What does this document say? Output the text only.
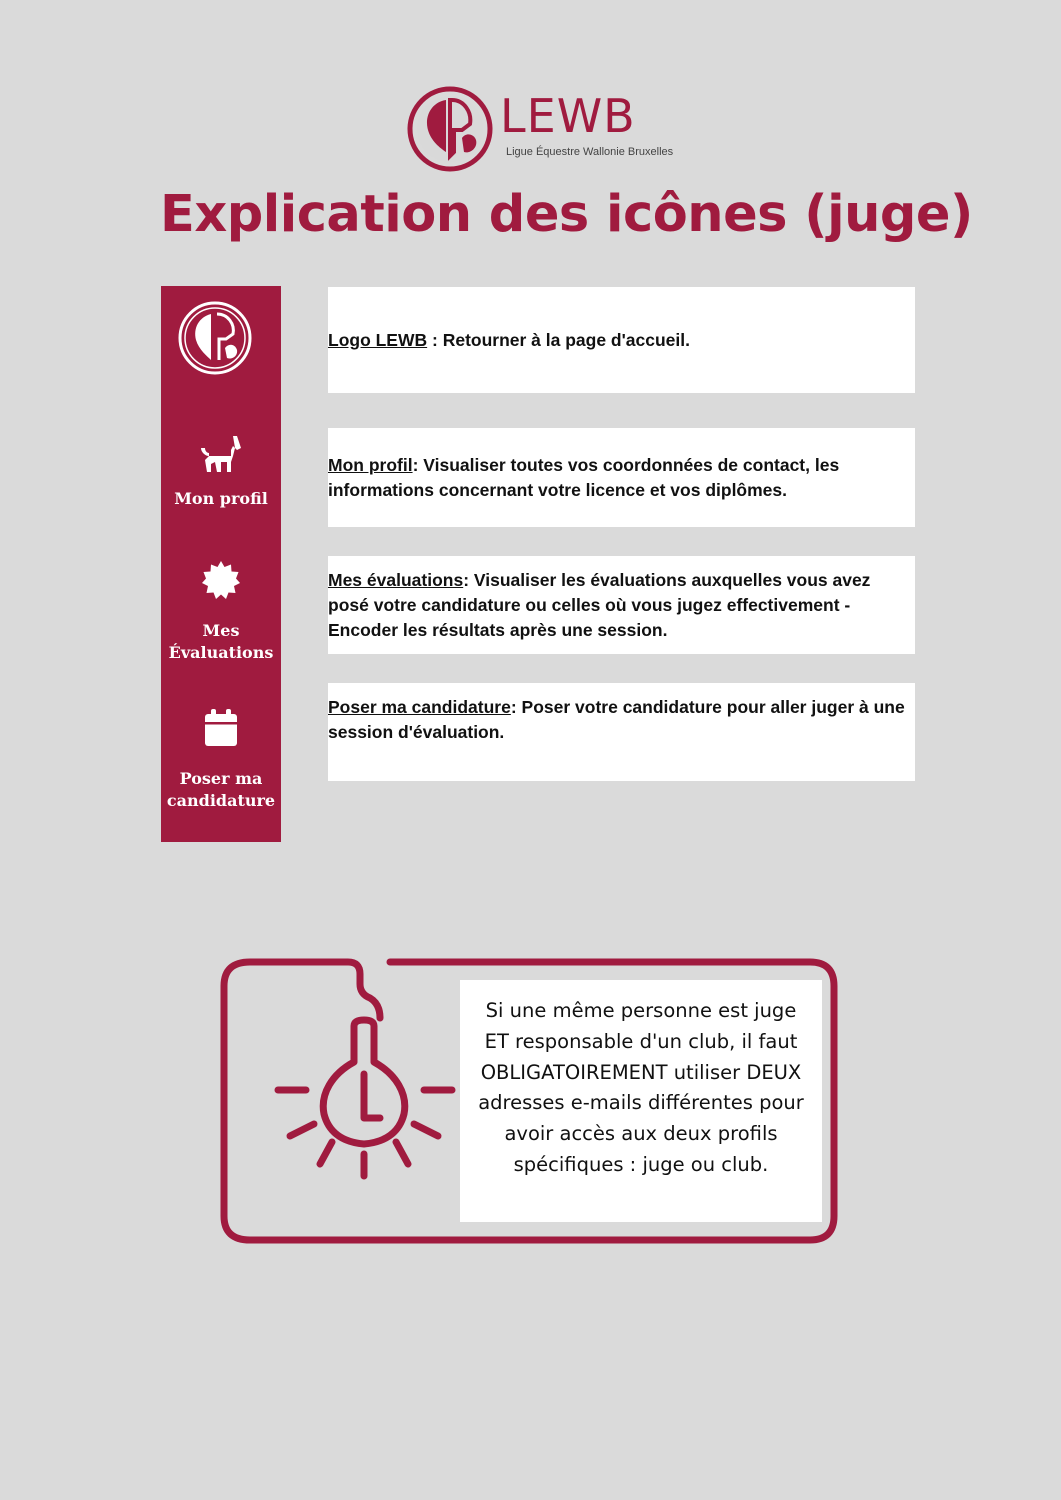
LEWB
Ligue Équestre Wallonie Bruxelles
Explication des icônes (juge)
Mon profil
Mes
Évaluations
Poser ma
candidature
Logo LEWB : Retourner à la page d'accueil.
Mon profil: Visualiser toutes vos coordonnées de contact, les informations concernant votre licence et vos diplômes.
Mes évaluations: Visualiser les évaluations auxquelles vous avez posé votre candidature ou celles où vous jugez effectivement - Encoder les résultats après une session.
Poser ma candidature: Poser votre candidature pour aller juger à une session d'évaluation.
Si une même personne est juge ET responsable d'un club, il faut OBLIGATOIREMENT utiliser DEUX adresses e-mails différentes pour avoir accès aux deux profils spécifiques : juge ou club.
